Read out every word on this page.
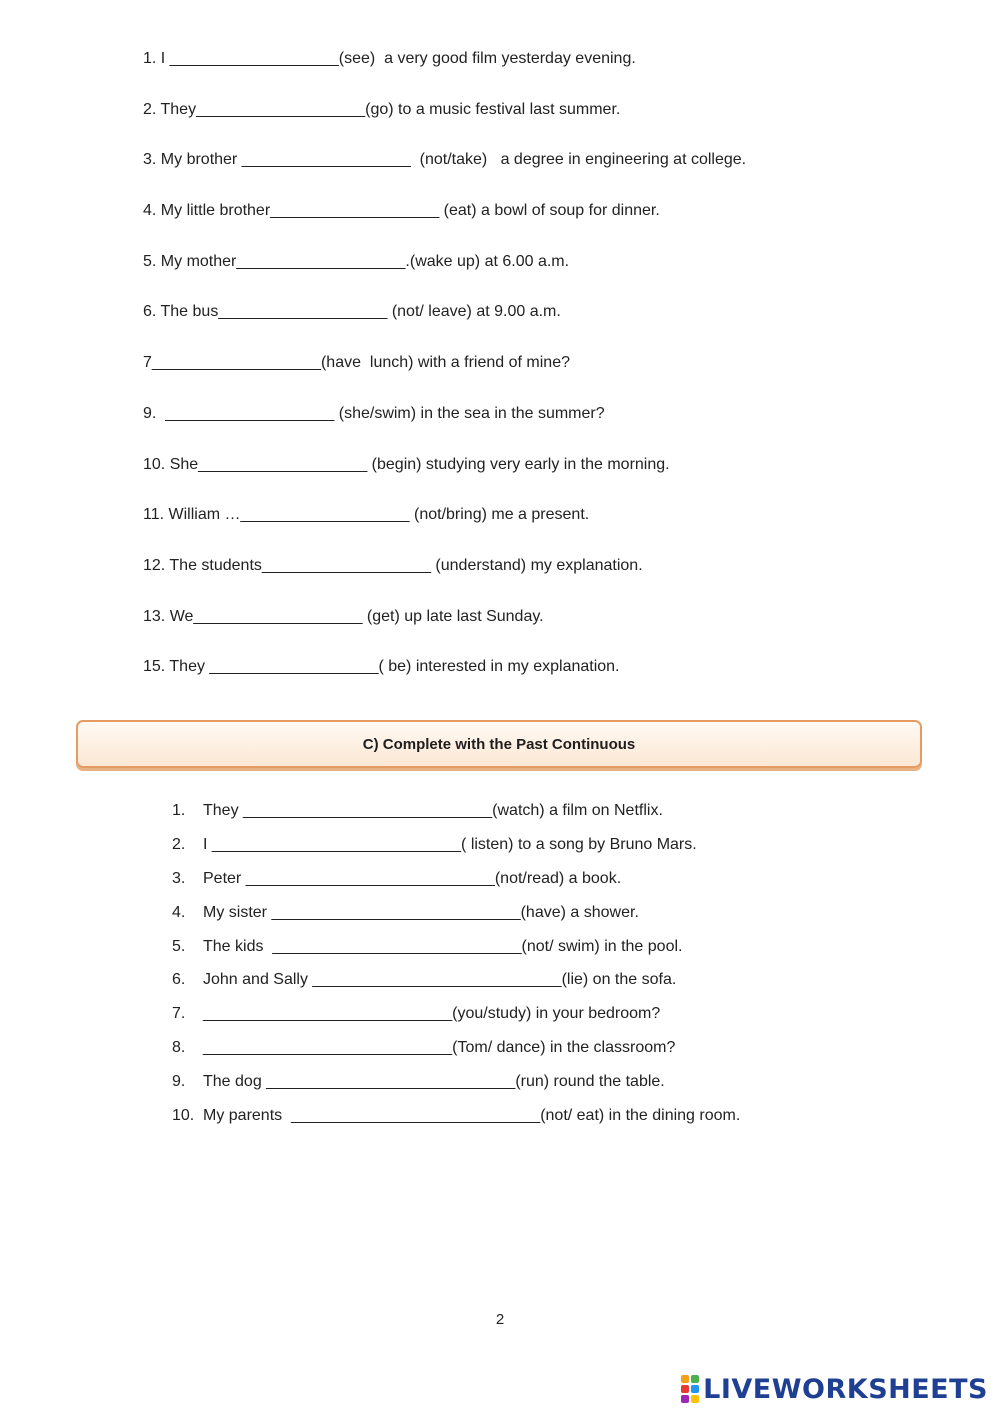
1. I ___________________(see)  a very good film yesterday evening.
2. They___________________(go) to a music festival last summer.
3. My brother ___________________  (not/take)   a degree in engineering at college.
4. My little brother___________________ (eat) a bowl of soup for dinner.
5. My mother___________________.(wake up) at 6.00 a.m.
6. The bus___________________ (not/ leave) at 9.00 a.m.
7___________________(have  lunch) with a friend of mine?
9.  ___________________ (she/swim) in the sea in the summer?
10. She___________________ (begin) studying very early in the morning.
11. William …___________________ (not/bring) me a present.
12. The students___________________ (understand) my explanation.
13. We___________________ (get) up late last Sunday.
15. They ___________________( be) interested in my explanation.
C) Complete with the Past Continuous
1.	They ____________________________(watch) a film on Netflix.
2.	I ____________________________( listen) to a song by Bruno Mars.
3.	Peter ____________________________(not/read) a book.
4.	My sister ____________________________(have) a shower.
5.	The kids  ____________________________(not/ swim) in the pool.
6.	John and Sally ____________________________(lie) on the sofa.
7.	____________________________(you/study) in your bedroom?
8.	____________________________(Tom/ dance) in the classroom?
9.	The dog ____________________________(run) round the table.
10. My parents  ____________________________(not/ eat) in the dining room.
2
LIVEWORKSHEETS
